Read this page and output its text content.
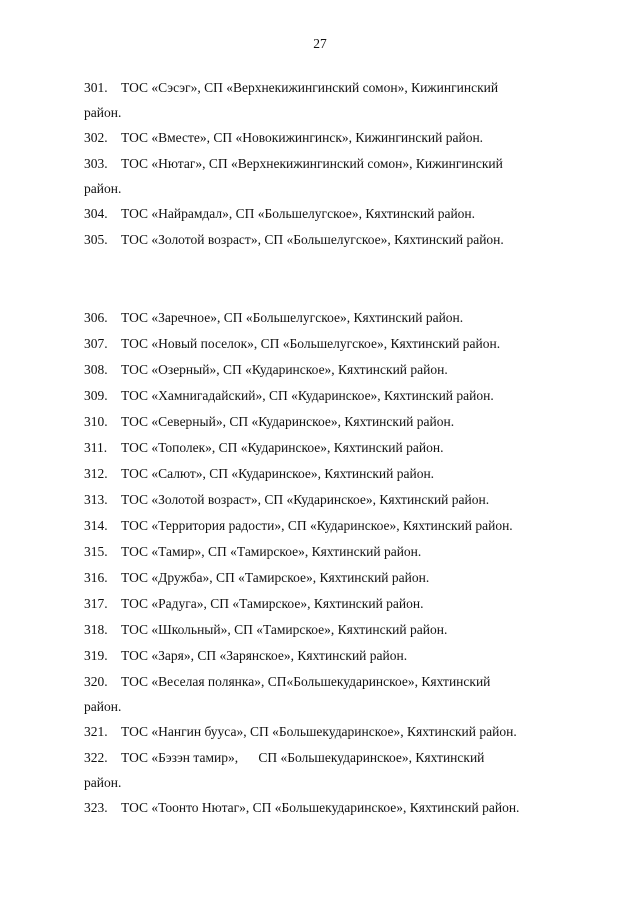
27
301. ТОС «Сэсэг», СП «Верхнекижингинский сомон», Кижингинский
район.
302. ТОС «Вместе», СП «Новокижингинск», Кижингинский район.
303. ТОС «Нютаг», СП «Верхнекижингинский сомон», Кижингинский
район.
304. ТОС «Найрамдал», СП «Большелугское», Кяхтинский район.
305. ТОС «Золотой возраст», СП «Большелугское», Кяхтинский район.
306. ТОС «Заречное», СП «Большелугское», Кяхтинский район.
307. ТОС «Новый поселок», СП «Большелугское», Кяхтинский район.
308. ТОС «Озерный», СП «Кударинское», Кяхтинский район.
309. ТОС «Хамнигадайский», СП «Кударинское», Кяхтинский район.
310. ТОС «Северный», СП «Кударинское», Кяхтинский район.
311. ТОС «Тополек», СП «Кударинское», Кяхтинский район.
312. ТОС «Салют», СП «Кударинское», Кяхтинский район.
313. ТОС «Золотой возраст», СП «Кударинское», Кяхтинский район.
314. ТОС «Территория радости», СП «Кударинское», Кяхтинский район.
315. ТОС «Тамир», СП «Тамирское», Кяхтинский район.
316. ТОС «Дружба», СП «Тамирское», Кяхтинский район.
317. ТОС «Радуга», СП «Тамирское», Кяхтинский район.
318. ТОС «Школьный», СП «Тамирское», Кяхтинский район.
319. ТОС «Заря», СП «Зарянское», Кяхтинский район.
320. ТОС «Веселая полянка», СП«Большекударинское», Кяхтинский
район.
321. ТОС «Нангин бууса», СП «Большекударинское», Кяхтинский район.
322. ТОС «Бэзэн тамир»,      СП «Большекударинское», Кяхтинский
район.
323. ТОС «Тоонто Нютаг», СП «Большекударинское», Кяхтинский район.
